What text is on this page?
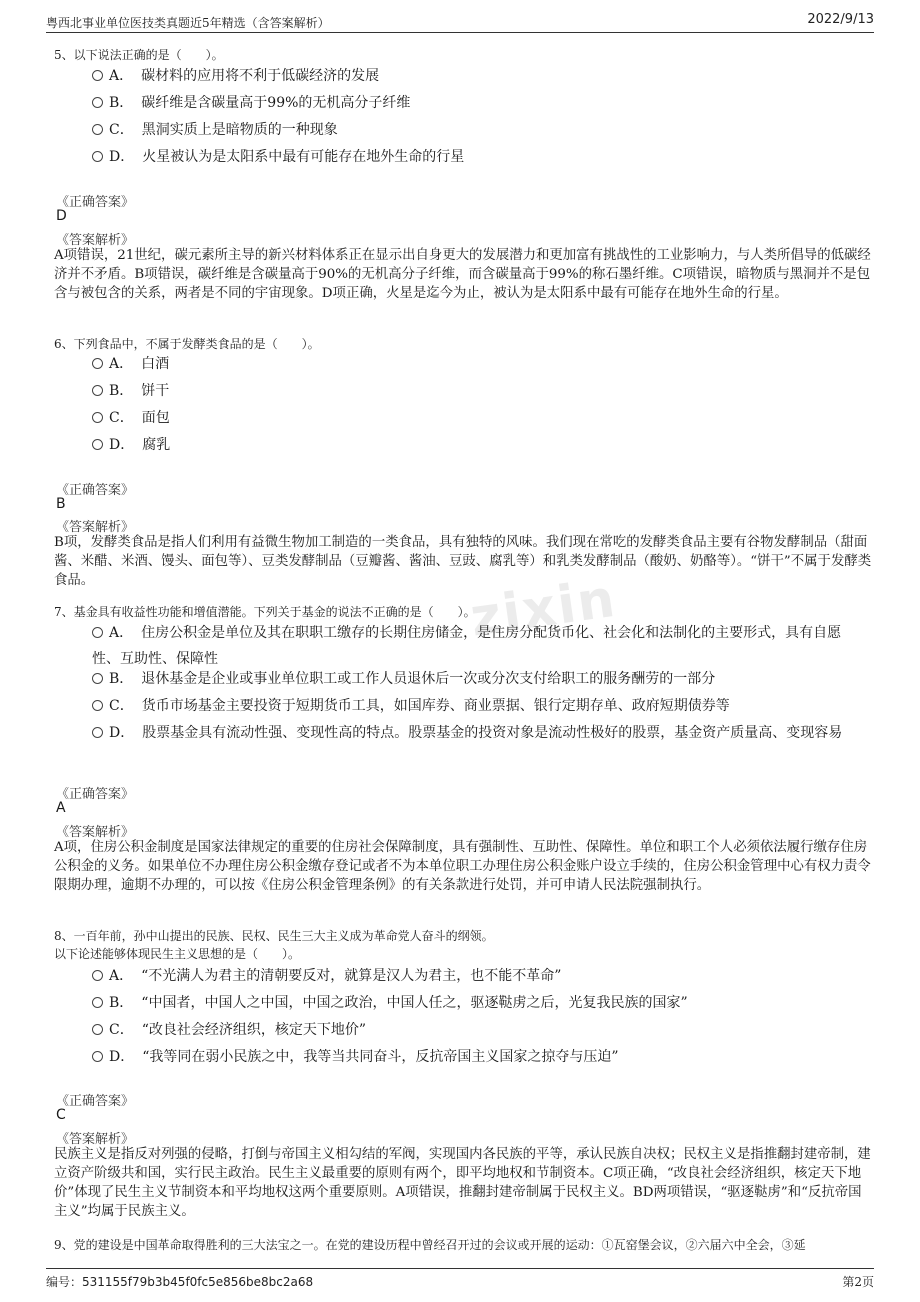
粤西北事业单位医技类真题近5年精选（含答案解析）	2022/9/13
zixin
5、以下说法正确的是（　　）。
A． 碳材料的应用将不利于低碳经济的发展
B． 碳纤维是含碳量高于99%的无机高分子纤维
C． 黑洞实质上是暗物质的一种现象
D． 火星被认为是太阳系中最有可能存在地外生命的行星
《正确答案》
D
《答案解析》
A项错误，21世纪，碳元素所主导的新兴材料体系正在显示出自身更大的发展潜力和更加富有挑战性的工业影响力，与人类所倡导的低碳经济并不矛盾。B项错误，碳纤维是含碳量高于90%的无机高分子纤维，而含碳量高于99%的称石墨纤维。C项错误，暗物质与黑洞并不是包含与被包含的关系，两者是不同的宇宙现象。D项正确，火星是迄今为止，被认为是太阳系中最有可能存在地外生命的行星。
6、下列食品中，不属于发酵类食品的是（　　）。
A． 白酒
B． 饼干
C． 面包
D． 腐乳
《正确答案》
B
《答案解析》
B项，发酵类食品是指人们利用有益微生物加工制造的一类食品，具有独特的风味。我们现在常吃的发酵类食品主要有谷物发酵制品（甜面酱、米醋、米酒、馒头、面包等）、豆类发酵制品（豆瓣酱、酱油、豆豉、腐乳等）和乳类发酵制品（酸奶、奶酪等）。“饼干”不属于发酵类食品。
7、基金具有收益性功能和增值潜能。下列关于基金的说法不正确的是（　　）。
A． 住房公积金是单位及其在职职工缴存的长期住房储金，是住房分配货币化、社会化和法制化的主要形式，具有自愿性、互助性、保障性
B． 退休基金是企业或事业单位职工或工作人员退休后一次或分次支付给职工的服务酬劳的一部分
C． 货币市场基金主要投资于短期货币工具，如国库券、商业票据、银行定期存单、政府短期债券等
D． 股票基金具有流动性强、变现性高的特点。股票基金的投资对象是流动性极好的股票，基金资产质量高、变现容易
《正确答案》
A
《答案解析》
A项，住房公积金制度是国家法律规定的重要的住房社会保障制度，具有强制性、互助性、保障性。单位和职工个人必须依法履行缴存住房公积金的义务。如果单位不办理住房公积金缴存登记或者不为本单位职工办理住房公积金账户设立手续的，住房公积金管理中心有权力责令限期办理，逾期不办理的，可以按《住房公积金管理条例》的有关条款进行处罚，并可申请人民法院强制执行。
8、一百年前，孙中山提出的民族、民权、民生三大主义成为革命党人奋斗的纲领。
以下论述能够体现民生主义思想的是（　　）。
A． “不光满人为君主的清朝要反对，就算是汉人为君主，也不能不革命”
B． “中国者，中国人之中国，中国之政治，中国人任之，驱逐鞑虏之后，光复我民族的国家”
C． “改良社会经济组织，核定天下地价”
D． “我等同在弱小民族之中，我等当共同奋斗，反抗帝国主义国家之掠夺与压迫”
《正确答案》
C
《答案解析》
民族主义是指反对列强的侵略，打倒与帝国主义相勾结的军阀，实现国内各民族的平等，承认民族自决权；民权主义是指推翻封建帝制，建立资产阶级共和国，实行民主政治。民生主义最重要的原则有两个，即平均地权和节制资本。C项正确，“改良社会经济组织，核定天下地价”体现了民生主义节制资本和平均地权这两个重要原则。A项错误，推翻封建帝制属于民权主义。BD两项错误，“驱逐鞑虏”和“反抗帝国主义”均属于民族主义。
9、党的建设是中国革命取得胜利的三大法宝之一。在党的建设历程中曾经召开过的会议或开展的运动：①瓦窑堡会议，②六届六中全会，③延
编号：531155f79b3b45f0fc5e856be8bc2a68	第2页
